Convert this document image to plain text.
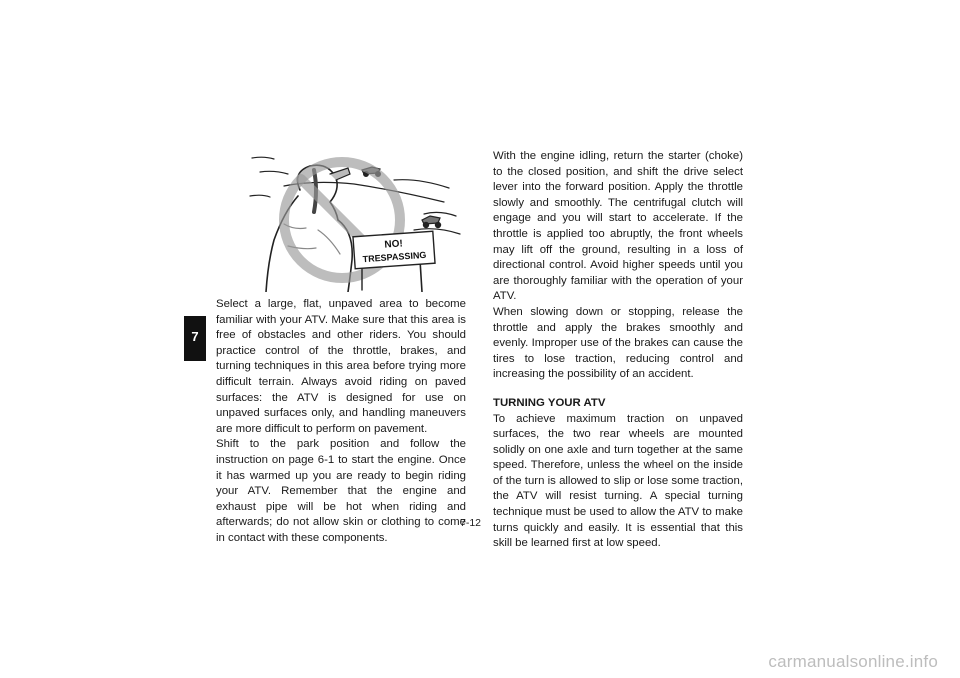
7
NO!
TRESPASSING

Select a large, flat, unpaved area to become familiar with your ATV. Make sure that this area is free of obstacles and other riders. You should practice control of the throttle, brakes, and turning techniques in this area before trying more difficult terrain. Always avoid riding on paved surfaces: the ATV is designed for use on unpaved surfaces only, and handling maneuvers are more difficult to perform on pavement.

Shift to the park position and follow the instruction on page 6-1 to start the engine. Once it has warmed up you are ready to begin riding your ATV. Remember that the engine and exhaust pipe will be hot when riding and afterwards; do not allow skin or clothing to come in contact with these components.

With the engine idling, return the starter (choke) to the closed position, and shift the drive select lever into the forward position. Apply the throttle slowly and smoothly. The centrifugal clutch will engage and you will start to accelerate. If the throttle is applied too abruptly, the front wheels may lift off the ground, resulting in a loss of directional control. Avoid higher speeds until you are thoroughly familiar with the operation of your ATV.

When slowing down or stopping, release the throttle and apply the brakes smoothly and evenly. Improper use of the brakes can cause the tires to lose traction, reducing control and increasing the possibility of an accident.

TURNING YOUR ATV

To achieve maximum traction on unpaved surfaces, the two rear wheels are mounted solidly on one axle and turn together at the same speed. Therefore, unless the wheel on the inside of the turn is allowed to slip or lose some traction, the ATV will resist turning. A special turning technique must be used to allow the ATV to make turns quickly and easily. It is essential that this skill be learned first at low speed.

7-12
carmanualsonline.info
